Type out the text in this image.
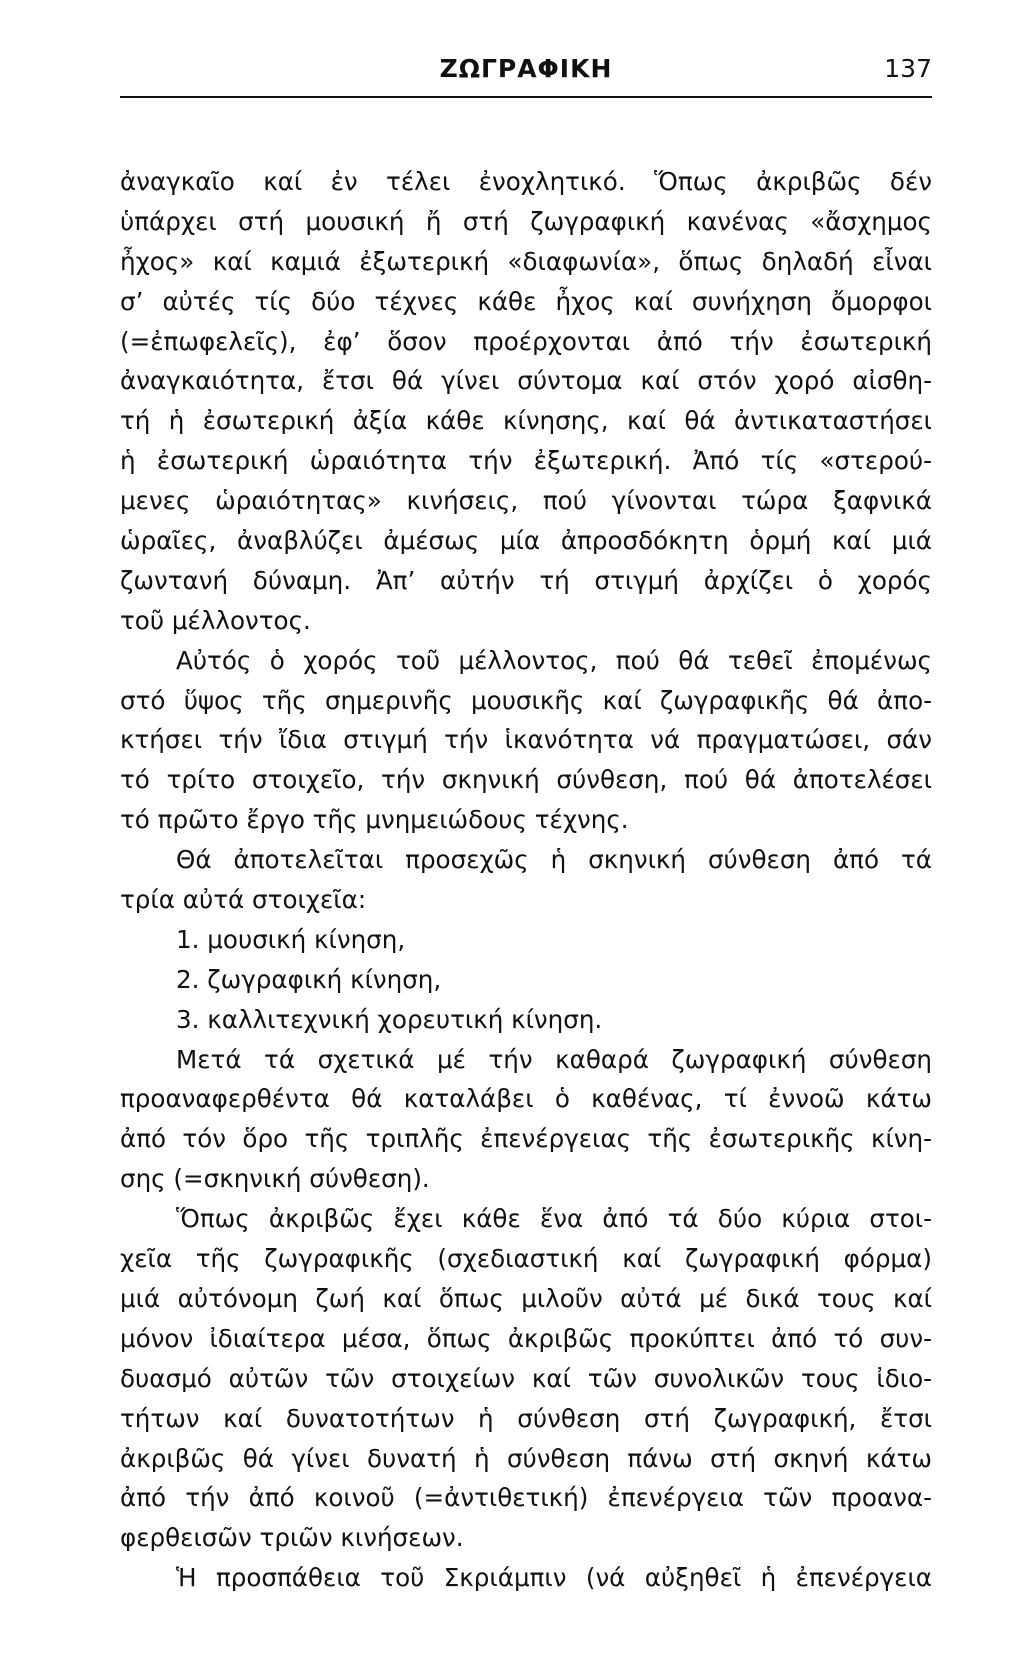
ΖΩΓΡΑΦΙΚΗ	137
ἀναγκαῖο καί ἐν τέλει ἐνοχλητικό. Ὅπως ἀκριβῶς δέν
ὑπάρχει στή μουσική ἤ στή ζωγραφική κανένας «ἄσχημος
ἦχος» καί καμιά ἐξωτερική «διαφωνία», ὅπως δηλαδή εἶναι
σ’ αὐτές τίς δύο τέχνες κάθε ἦχος καί συνήχηση ὄμορφοι
(=ἐπωφελεῖς), ἐφ’ ὅσον προέρχονται ἀπό τήν ἐσωτερική
ἀναγκαιότητα, ἔτσι θά γίνει σύντομα καί στόν χορό αἰσθη-
τή ἡ ἐσωτερική ἀξία κάθε κίνησης, καί θά ἀντικαταστήσει
ἡ ἐσωτερική ὡραιότητα τήν ἐξωτερική. Ἀπό τίς «στερού-
μενες ὡραιότητας» κινήσεις, πού γίνονται τώρα ξαφνικά
ὡραῖες, ἀναβλύζει ἀμέσως μία ἀπροσδόκητη ὁρμή καί μιά
ζωντανή δύναμη. Ἀπ’ αὐτήν τή στιγμή ἀρχίζει ὁ χορός
τοῦ μέλλοντος.
Αὐτός ὁ χορός τοῦ μέλλοντος, πού θά τεθεῖ ἐπομένως
στό ὕψος τῆς σημερινῆς μουσικῆς καί ζωγραφικῆς θά ἀπο-
κτήσει τήν ἴδια στιγμή τήν ἱκανότητα νά πραγματώσει, σάν
τό τρίτο στοιχεῖο, τήν σκηνική σύνθεση, πού θά ἀποτελέσει
τό πρῶτο ἔργο τῆς μνημειώδους τέχνης.
Θά ἀποτελεῖται προσεχῶς ἡ σκηνική σύνθεση ἀπό τά
τρία αὐτά στοιχεῖα:
1. μουσική κίνηση,
2. ζωγραφική κίνηση,
3. καλλιτεχνική χορευτική κίνηση.
Μετά τά σχετικά μέ τήν καθαρά ζωγραφική σύνθεση
προαναφερθέντα θά καταλάβει ὁ καθένας, τί ἐννοῶ κάτω
ἀπό τόν ὅρο τῆς τριπλῆς ἐπενέργειας τῆς ἐσωτερικῆς κίνη-
σης (=σκηνική σύνθεση).
Ὅπως ἀκριβῶς ἔχει κάθε ἕνα ἀπό τά δύο κύρια στοι-
χεῖα τῆς ζωγραφικῆς (σχεδιαστική καί ζωγραφική φόρμα)
μιά αὐτόνομη ζωή καί ὅπως μιλοῦν αὐτά μέ δικά τους καί
μόνον ἰδιαίτερα μέσα, ὅπως ἀκριβῶς προκύπτει ἀπό τό συν-
δυασμό αὐτῶν τῶν στοιχείων καί τῶν συνολικῶν τους ἰδιο-
τήτων καί δυνατοτήτων ἡ σύνθεση στή ζωγραφική, ἔτσι
ἀκριβῶς θά γίνει δυνατή ἡ σύνθεση πάνω στή σκηνή κάτω
ἀπό τήν ἀπό κοινοῦ (=ἀντιθετική) ἐπενέργεια τῶν προανα-
φερθεισῶν τριῶν κινήσεων.
Ἡ προσπάθεια τοῦ Σκριάμπιν (νά αὐξηθεῖ ἡ ἐπενέργεια
